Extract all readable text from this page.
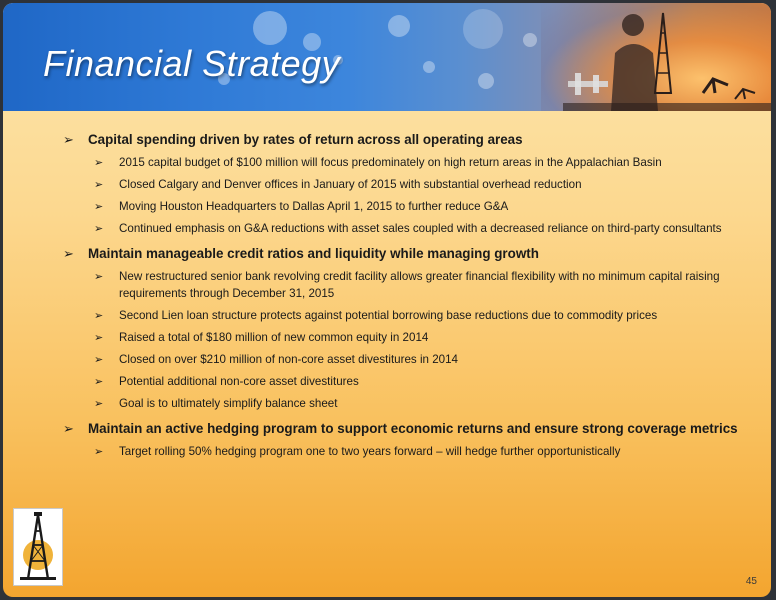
Financial Strategy
➢ Capital spending driven by rates of return across all operating areas
➢ 2015 capital budget of $100 million will focus predominately on high return areas in the Appalachian Basin
➢ Closed Calgary and Denver offices in January of 2015 with substantial overhead reduction
➢ Moving Houston Headquarters to Dallas April 1, 2015 to further reduce G&A
➢ Continued emphasis on G&A reductions with asset sales coupled with a decreased reliance on third-party consultants
➢ Maintain manageable credit ratios and liquidity while managing growth
➢ New restructured senior bank revolving credit facility allows greater financial flexibility with no minimum capital raising requirements through December 31, 2015
➢ Second Lien loan structure protects against potential borrowing base reductions due to commodity prices
➢ Raised a total of $180 million of new common equity in 2014
➢ Closed on over $210 million of non-core asset divestitures in 2014
➢ Potential additional non-core asset divestitures
➢ Goal is to ultimately simplify balance sheet
➢ Maintain an active hedging program to support economic returns and ensure strong coverage metrics
➢ Target rolling 50% hedging program one to two years forward – will hedge further opportunistically
45
